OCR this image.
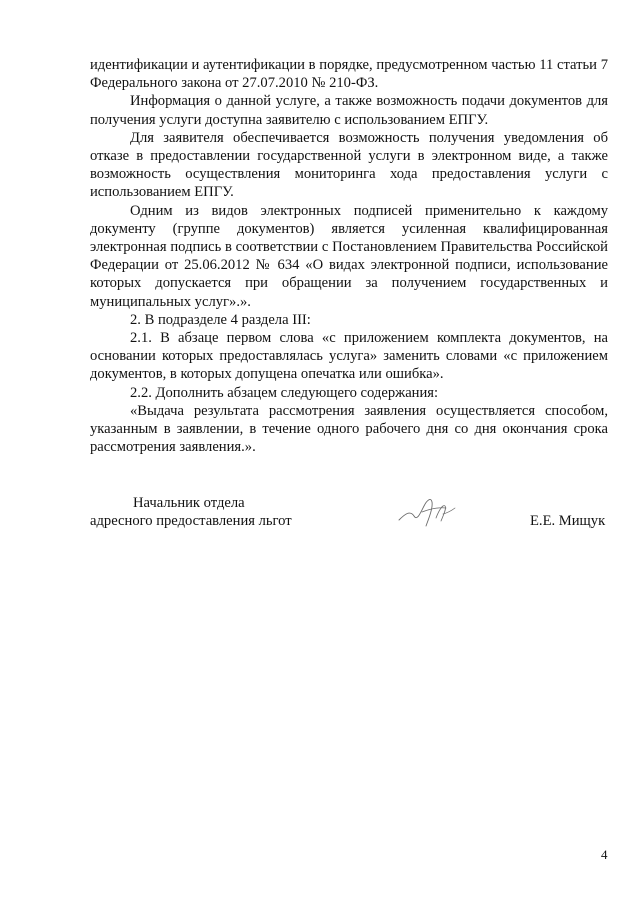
идентификации и аутентификации в порядке, предусмотренном частью 11 статьи 7 Федерального закона от 27.07.2010 № 210-ФЗ.

Информация о данной услуге, а также возможность подачи документов для получения услуги доступна заявителю с использованием ЕПГУ.

Для заявителя обеспечивается возможность получения уведомления об отказе в предоставлении государственной услуги в электронном виде, а также возможность осуществления мониторинга хода предоставления услуги с использованием ЕПГУ.

Одним из видов электронных подписей применительно к каждому документу (группе документов) является усиленная квалифицированная электронная подпись в соответствии с Постановлением Правительства Российской Федерации от 25.06.2012 № 634 «О видах электронной подписи, использование которых допускается при обращении за получением государственных и муниципальных услуг».».

2. В подразделе 4 раздела III:

2.1. В абзаце первом слова «с приложением комплекта документов, на основании которых предоставлялась услуга» заменить словами «с приложением документов, в которых допущена опечатка или ошибка».

2.2. Дополнить абзацем следующего содержания:

«Выдача результата рассмотрения заявления осуществляется способом, указанным в заявлении, в течение одного рабочего дня со дня окончания срока рассмотрения заявления.».

Начальник отдела
адресного предоставления льгот	Е.Е. Мищук
4
